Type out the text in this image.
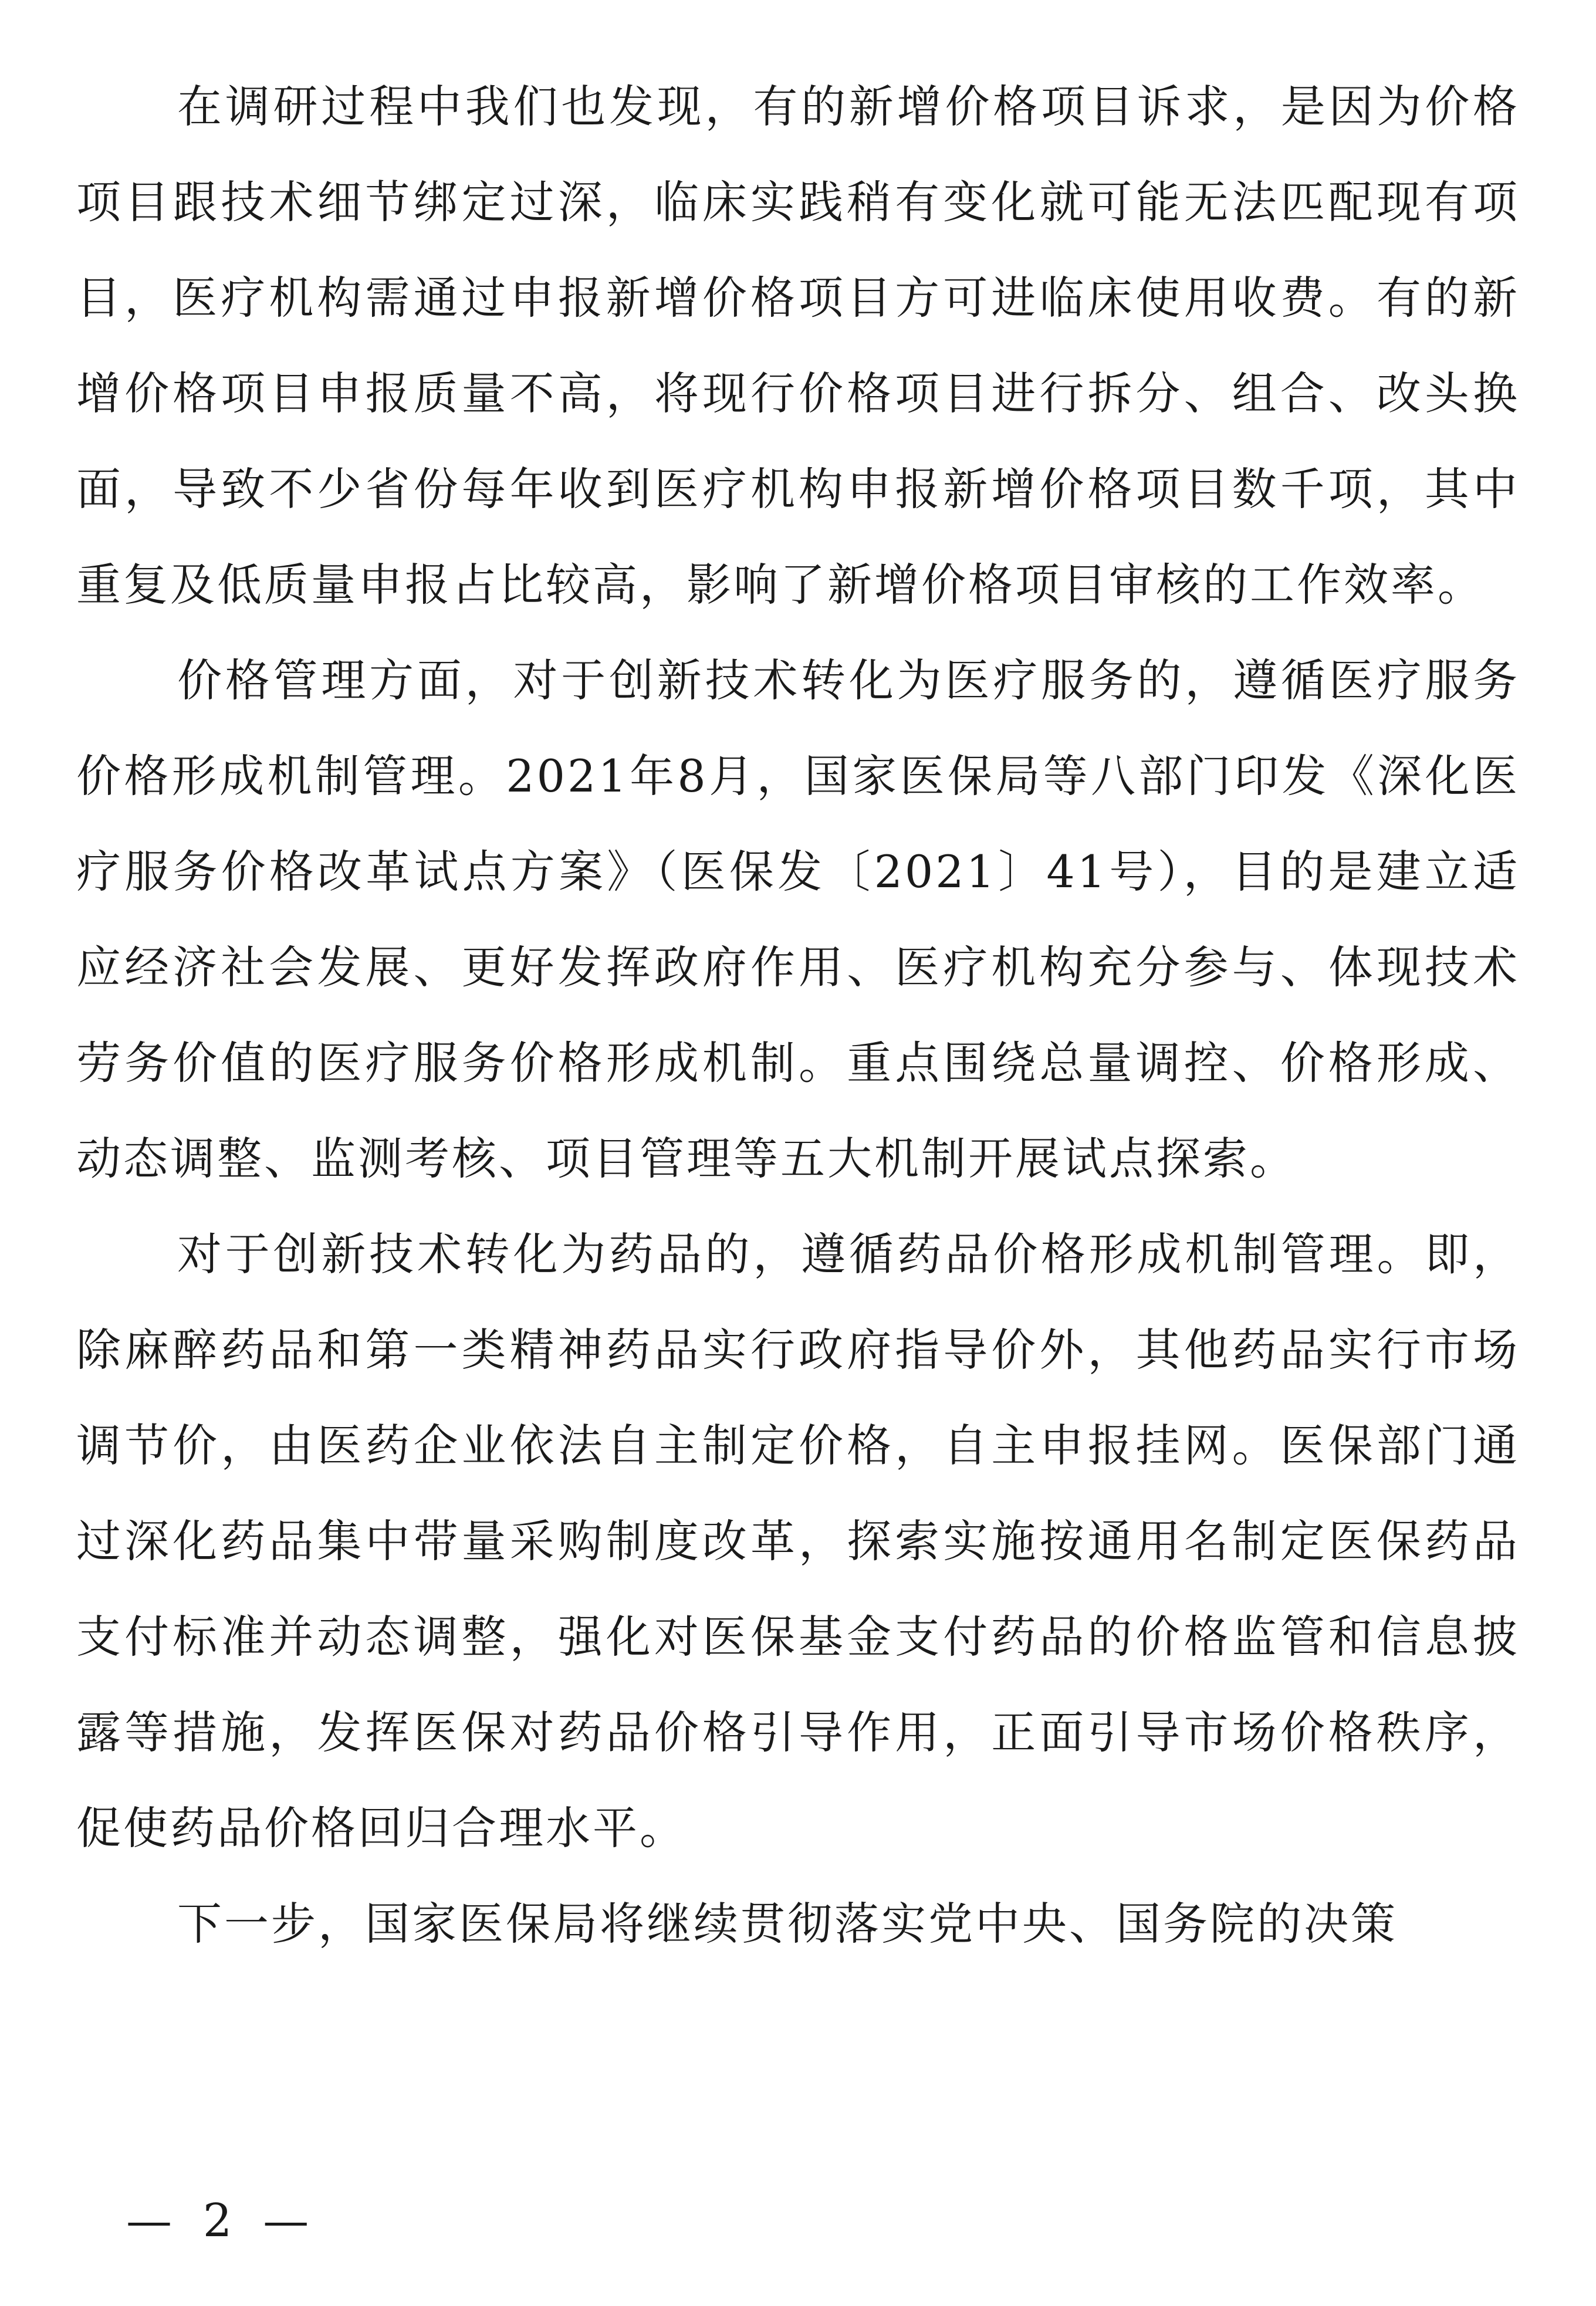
在调研过程中我们也发现，有的新增价格项目诉求，是因为价格项目跟技术细节绑定过深，临床实践稍有变化就可能无法匹配现有项目，医疗机构需通过申报新增价格项目方可进临床使用收费。有的新增价格项目申报质量不高，将现行价格项目进行拆分、组合、改头换面，导致不少省份每年收到医疗机构申报新增价格项目数千项，其中重复及低质量申报占比较高，影响了新增价格项目审核的工作效率。

价格管理方面，对于创新技术转化为医疗服务的，遵循医疗服务价格形成机制管理。2021年8月，国家医保局等八部门印发《深化医疗服务价格改革试点方案》（医保发〔2021〕41号），目的是建立适应经济社会发展、更好发挥政府作用、医疗机构充分参与、体现技术劳务价值的医疗服务价格形成机制。重点围绕总量调控、价格形成、动态调整、监测考核、项目管理等五大机制开展试点探索。

对于创新技术转化为药品的，遵循药品价格形成机制管理。即，除麻醉药品和第一类精神药品实行政府指导价外，其他药品实行市场调节价，由医药企业依法自主制定价格，自主申报挂网。医保部门通过深化药品集中带量采购制度改革，探索实施按通用名制定医保药品支付标准并动态调整，强化对医保基金支付药品的价格监管和信息披露等措施，发挥医保对药品价格引导作用，正面引导市场价格秩序，促使药品价格回归合理水平。

下一步，国家医保局将继续贯彻落实党中央、国务院的决策

— 2 —
